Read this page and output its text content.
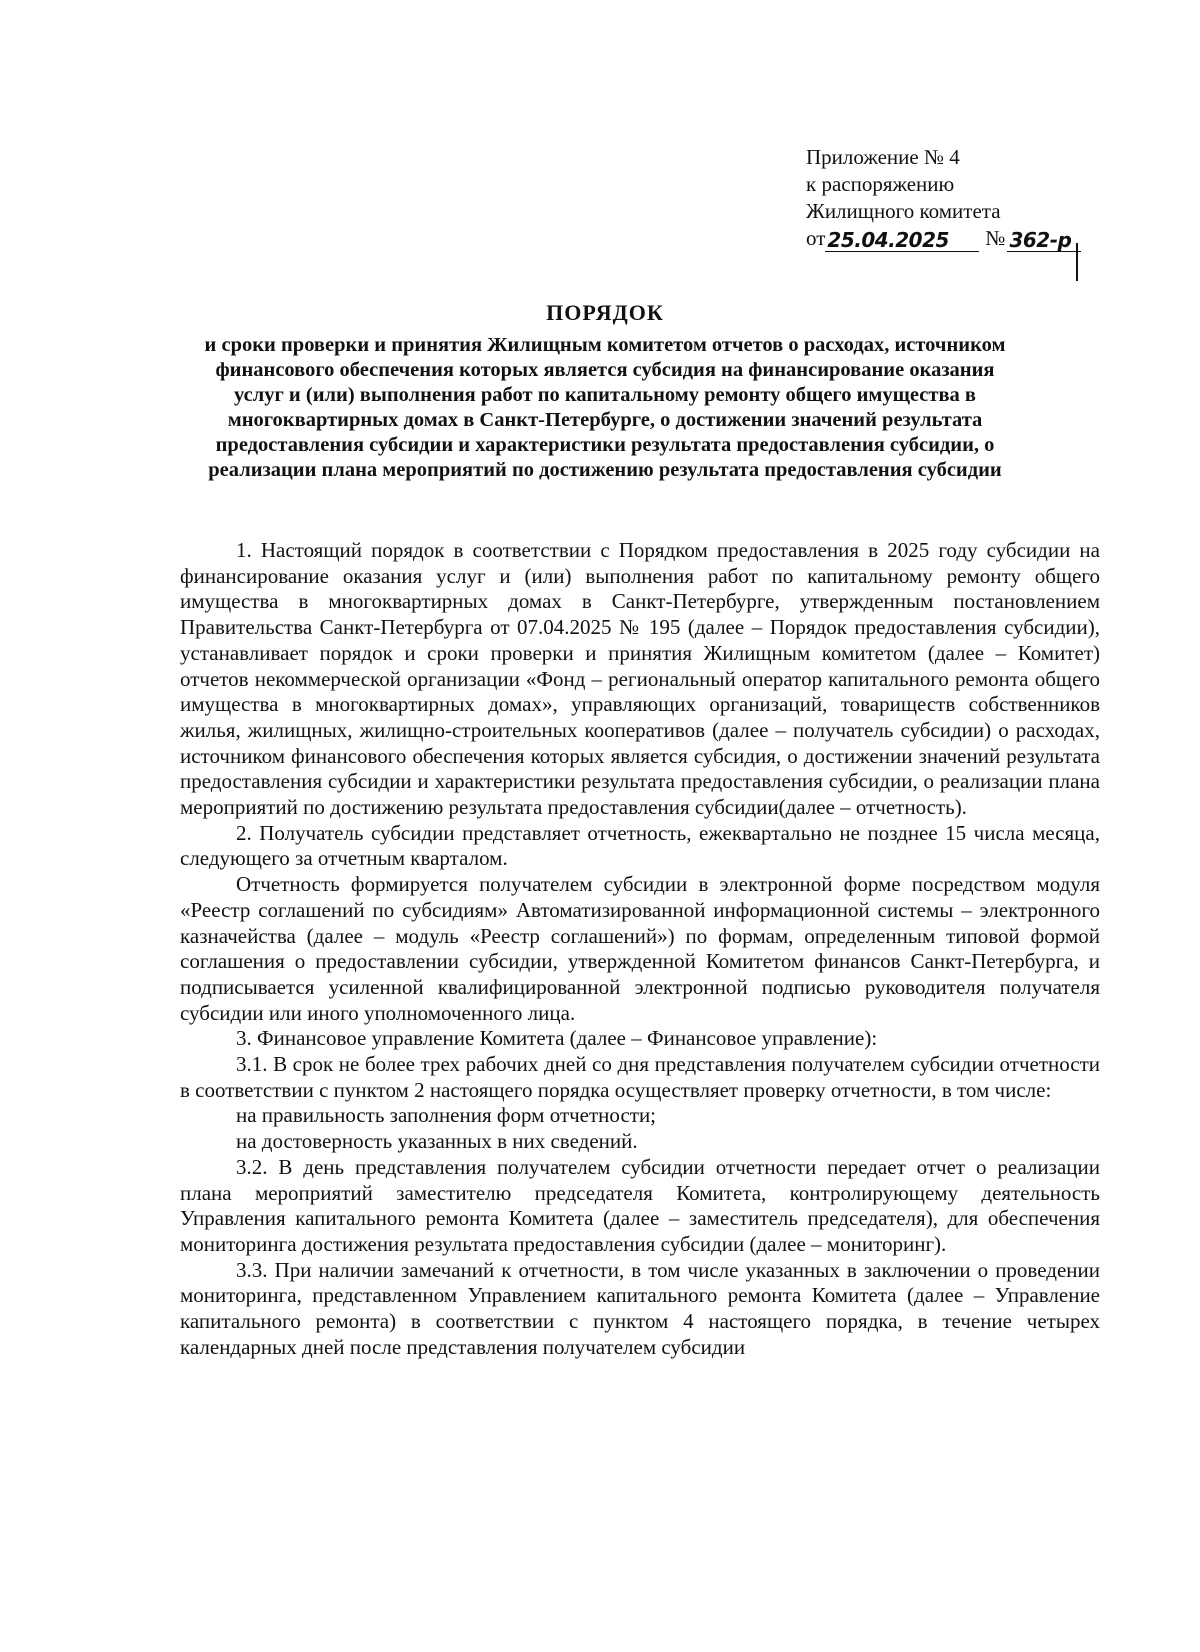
Приложение № 4
к распоряжению
Жилищного комитета
от 25.04.2025	№ 362-р
ПОРЯДОК
и сроки проверки и принятия Жилищным комитетом отчетов о расходах, источником финансового обеспечения которых является субсидия на финансирование оказания услуг и (или) выполнения работ по капитальному ремонту общего имущества в многоквартирных домах в Санкт-Петербурге, о достижении значений результата предоставления субсидии и характеристики результата предоставления субсидии, о реализации плана мероприятий по достижению результата предоставления субсидии

1. Настоящий порядок в соответствии с Порядком предоставления в 2025 году субсидии на финансирование оказания услуг и (или) выполнения работ по капитальному ремонту общего имущества в многоквартирных домах в Санкт-Петербурге, утвержденным постановлением Правительства Санкт-Петербурга от 07.04.2025 № 195 (далее – Порядок предоставления субсидии), устанавливает порядок и сроки проверки и принятия Жилищным комитетом (далее – Комитет) отчетов некоммерческой организации «Фонд – региональный оператор капитального ремонта общего имущества в многоквартирных домах», управляющих организаций, товариществ собственников жилья, жилищных, жилищно-строительных кооперативов (далее – получатель субсидии) о расходах, источником финансового обеспечения которых является субсидия, о достижении значений результата предоставления субсидии и характеристики результата предоставления субсидии, о реализации плана мероприятий по достижению результата предоставления субсидии(далее – отчетность).

2. Получатель субсидии представляет отчетность, ежеквартально не позднее 15 числа месяца, следующего за отчетным кварталом.

Отчетность формируется получателем субсидии в электронной форме посредством модуля «Реестр соглашений по субсидиям» Автоматизированной информационной системы – электронного казначейства (далее – модуль «Реестр соглашений») по формам, определенным типовой формой соглашения о предоставлении субсидии, утвержденной Комитетом финансов Санкт-Петербурга, и подписывается усиленной квалифицированной электронной подписью руководителя получателя субсидии или иного уполномоченного лица.

3. Финансовое управление Комитета (далее – Финансовое управление):

3.1. В срок не более трех рабочих дней со дня представления получателем субсидии отчетности в соответствии с пунктом 2 настоящего порядка осуществляет проверку отчетности, в том числе:

на правильность заполнения форм отчетности;

на достоверность указанных в них сведений.

3.2. В день представления получателем субсидии отчетности передает отчет о реализации плана мероприятий заместителю председателя Комитета, контролирующему деятельность Управления капитального ремонта Комитета (далее – заместитель председателя), для обеспечения мониторинга достижения результата предоставления субсидии (далее – мониторинг).

3.3. При наличии замечаний к отчетности, в том числе указанных в заключении о проведении мониторинга, представленном Управлением капитального ремонта Комитета (далее – Управление капитального ремонта) в соответствии с пунктом 4 настоящего порядка, в течение четырех календарных дней после представления получателем субсидии
